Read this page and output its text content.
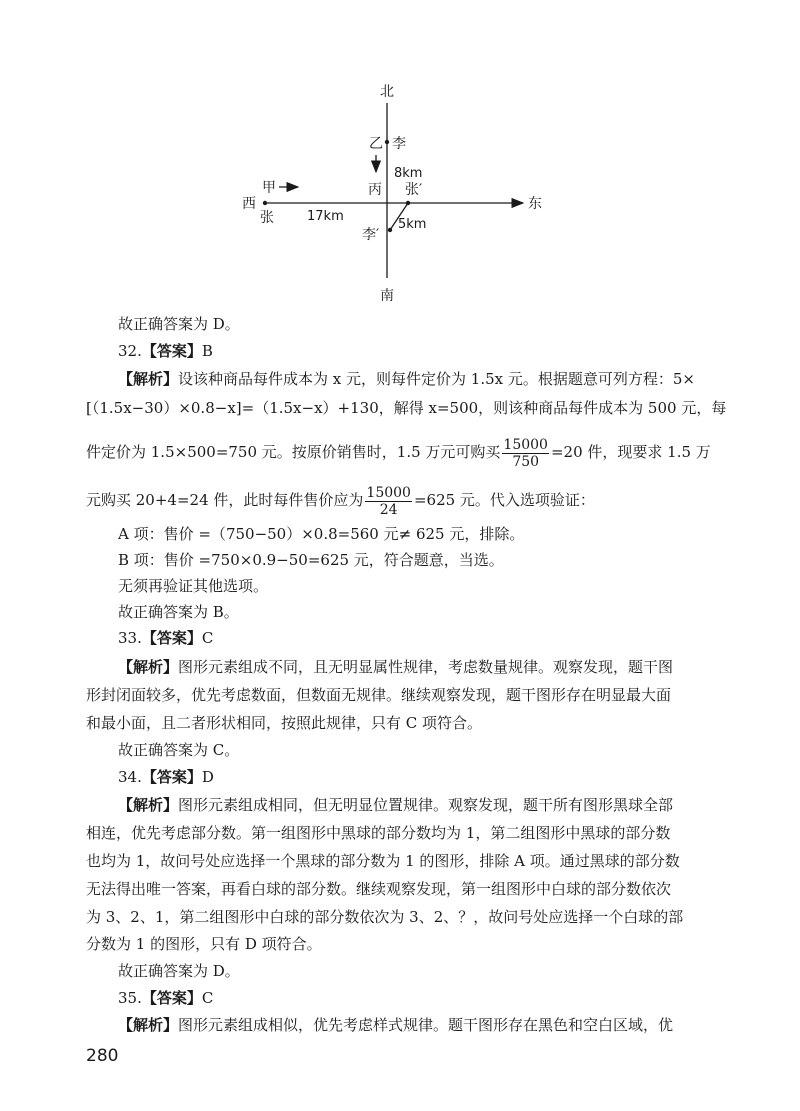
北
南
东
西
甲
张
乙 李
丙 张′
李′
8km
17km
5km
故正确答案为 D。
32.【答案】B
【解析】设该种商品每件成本为 x 元，则每件定价为 1.5x 元。根据题意可列方程：5×
[（1.5x−30）×0.8−x]=（1.5x−x）+130，解得 x=500，则该种商品每件成本为 500 元，每
件定价为 1.5×500=750 元。按原价销售时，1.5 万元可购买 $\frac{15000}{750} =20$ 件，现要求 1.5 万
元购买 20+4=24 件，此时每件售价应为 $\frac{15000}{24} =625$ 元。代入选项验证：
A 项：售价 =（750−50）×0.8=560 元≠ 625 元，排除。
B 项：售价 =750×0.9−50=625 元，符合题意，当选。
无须再验证其他选项。
故正确答案为 B。
33.【答案】C
【解析】图形元素组成不同，且无明显属性规律，考虑数量规律。观察发现，题干图
形封闭面较多，优先考虑数面，但数面无规律。继续观察发现，题干图形存在明显最大面
和最小面，且二者形状相同，按照此规律，只有 C 项符合。
故正确答案为 C。
34.【答案】D
【解析】图形元素组成相同，但无明显位置规律。观察发现，题干所有图形黑球全部
相连，优先考虑部分数。第一组图形中黑球的部分数均为 1，第二组图形中黑球的部分数
也均为 1，故问号处应选择一个黑球的部分数为 1 的图形，排除 A 项。通过黑球的部分数
无法得出唯一答案，再看白球的部分数。继续观察发现，第一组图形中白球的部分数依次
为 3、2、1，第二组图形中白球的部分数依次为 3、2、？，故问号处应选择一个白球的部
分数为 1 的图形，只有 D 项符合。
故正确答案为 D。
35.【答案】C
【解析】图形元素组成相似，优先考虑样式规律。题干图形存在黑色和空白区域，优
280
